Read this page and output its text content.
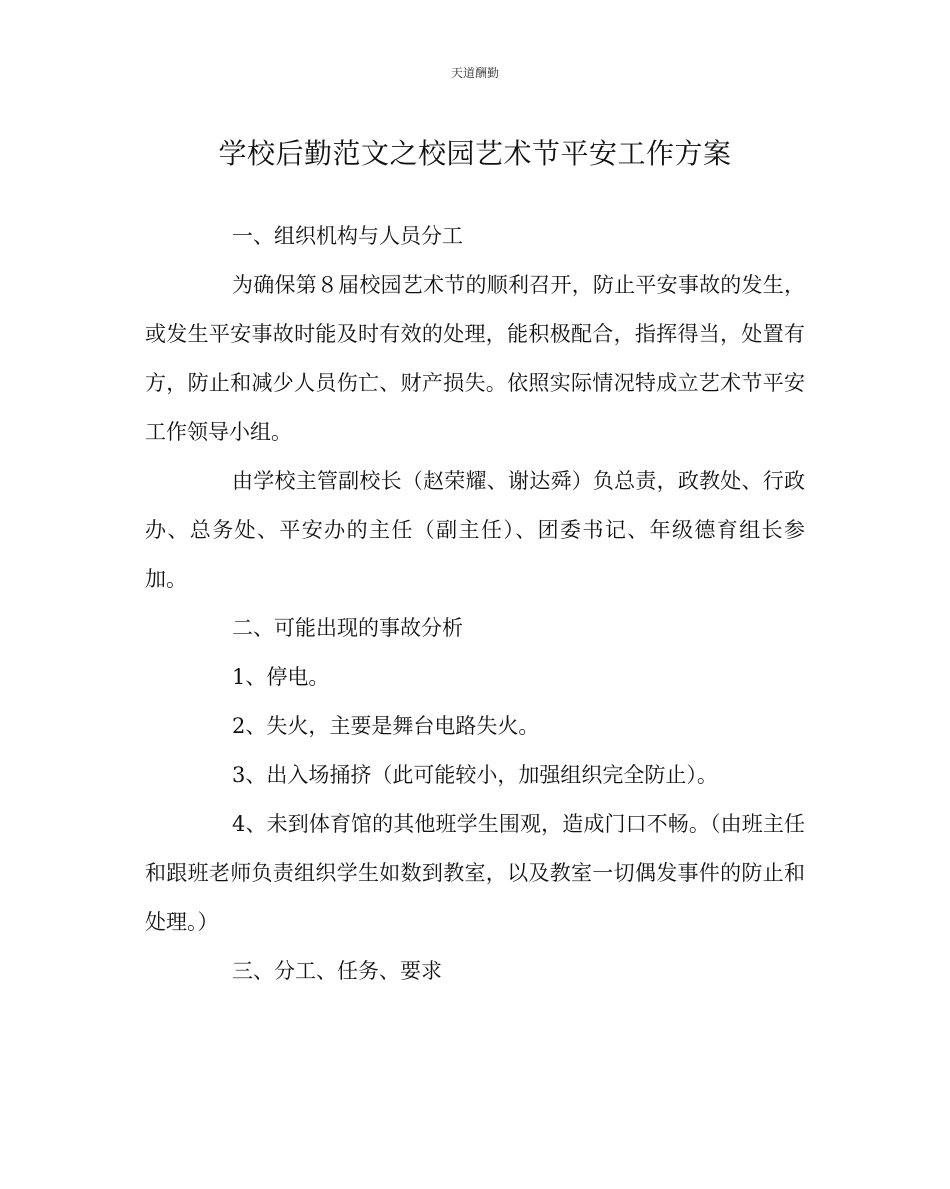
天道酬勤
学校后勤范文之校园艺术节平安工作方案

一、组织机构与人员分工

为确保第８届校园艺术节的顺利召开，防止平安事故的发生，或发生平安事故时能及时有效的处理，能积极配合，指挥得当，处置有方，防止和减少人员伤亡、财产损失。依照实际情况特成立艺术节平安工作领导小组。

由学校主管副校长（赵荣耀、谢达舜）负总责，政教处、行政办、总务处、平安办的主任（副主任）、团委书记、年级德育组长参加。

二、可能出现的事故分析

1、停电。

2、失火，主要是舞台电路失火。

3、出入场捅挤（此可能较小，加强组织完全防止）。

4、未到体育馆的其他班学生围观，造成门口不畅。（由班主任和跟班老师负责组织学生如数到教室，以及教室一切偶发事件的防止和处理。）

三、分工、任务、要求
